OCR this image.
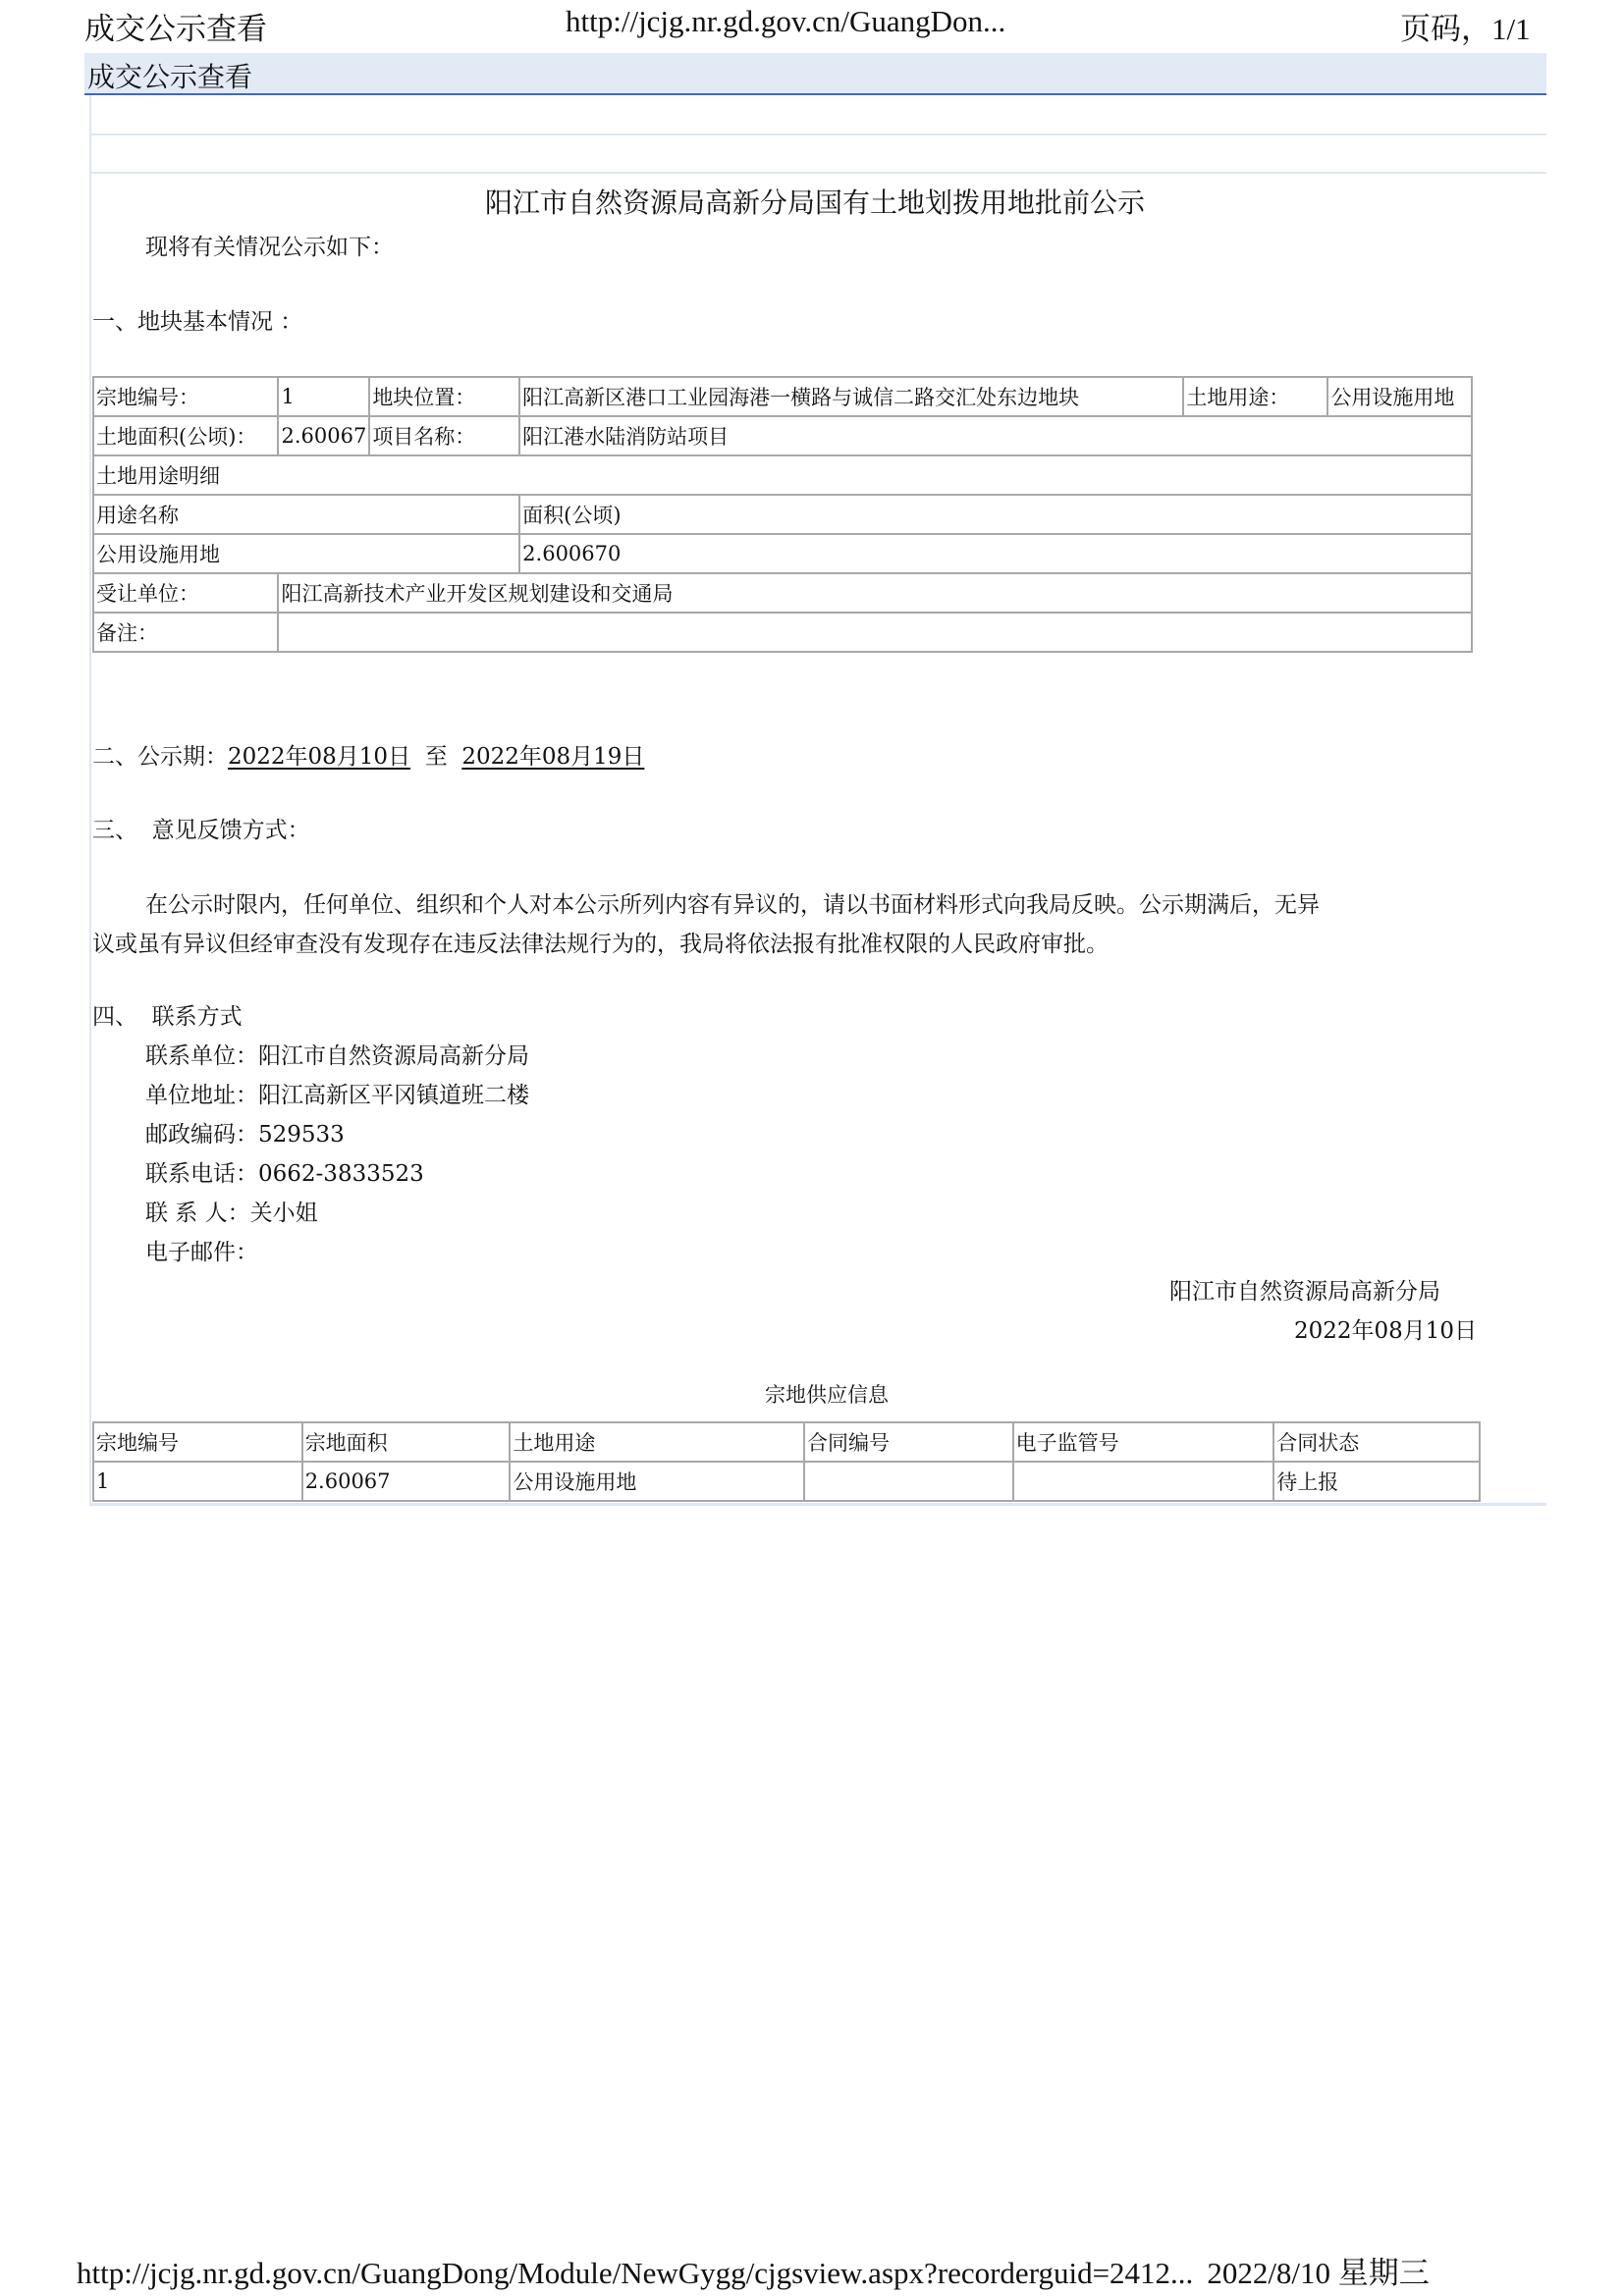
成交公示查看	http://jcjg.nr.gd.gov.cn/GuangDon...	页码，1/1
成交公示查看
阳江市自然资源局高新分局国有土地划拨用地批前公示
现将有关情况公示如下：
一、地块基本情况 ：
宗地编号：	1	地块位置：	阳江高新区港口工业园海港一横路与诚信二路交汇处东边地块	土地用途：	公用设施用地
土地面积(公顷)：	2.60067	项目名称：	阳江港水陆消防站项目		
土地用途明细					
用途名称			面积(公顷)		
公用设施用地			2.600670		
受让单位：	阳江高新技术产业开发区规划建设和交通局				
备注：					
二、公示期：2022年08月10日 至 2022年08月19日
三、  意见反馈方式：
在公示时限内，任何单位、组织和个人对本公示所列内容有异议的，请以书面材料形式向我局反映。公示期满后，无异
议或虽有异议但经审查没有发现存在违反法律法规行为的，我局将依法报有批准权限的人民政府审批。
四、  联系方式
联系单位：阳江市自然资源局高新分局
单位地址：阳江高新区平冈镇道班二楼
邮政编码：529533
联系电话：0662-3833523
联 系 人：关小姐
电子邮件：
阳江市自然资源局高新分局
2022年08月10日
宗地供应信息
宗地编号	宗地面积	土地用途	合同编号	电子监管号	合同状态
1	2.60067	公用设施用地			待上报
http://jcjg.nr.gd.gov.cn/GuangDong/Module/NewGygg/cjgsview.aspx?recorderguid=2412... 2022/8/10 星期三
